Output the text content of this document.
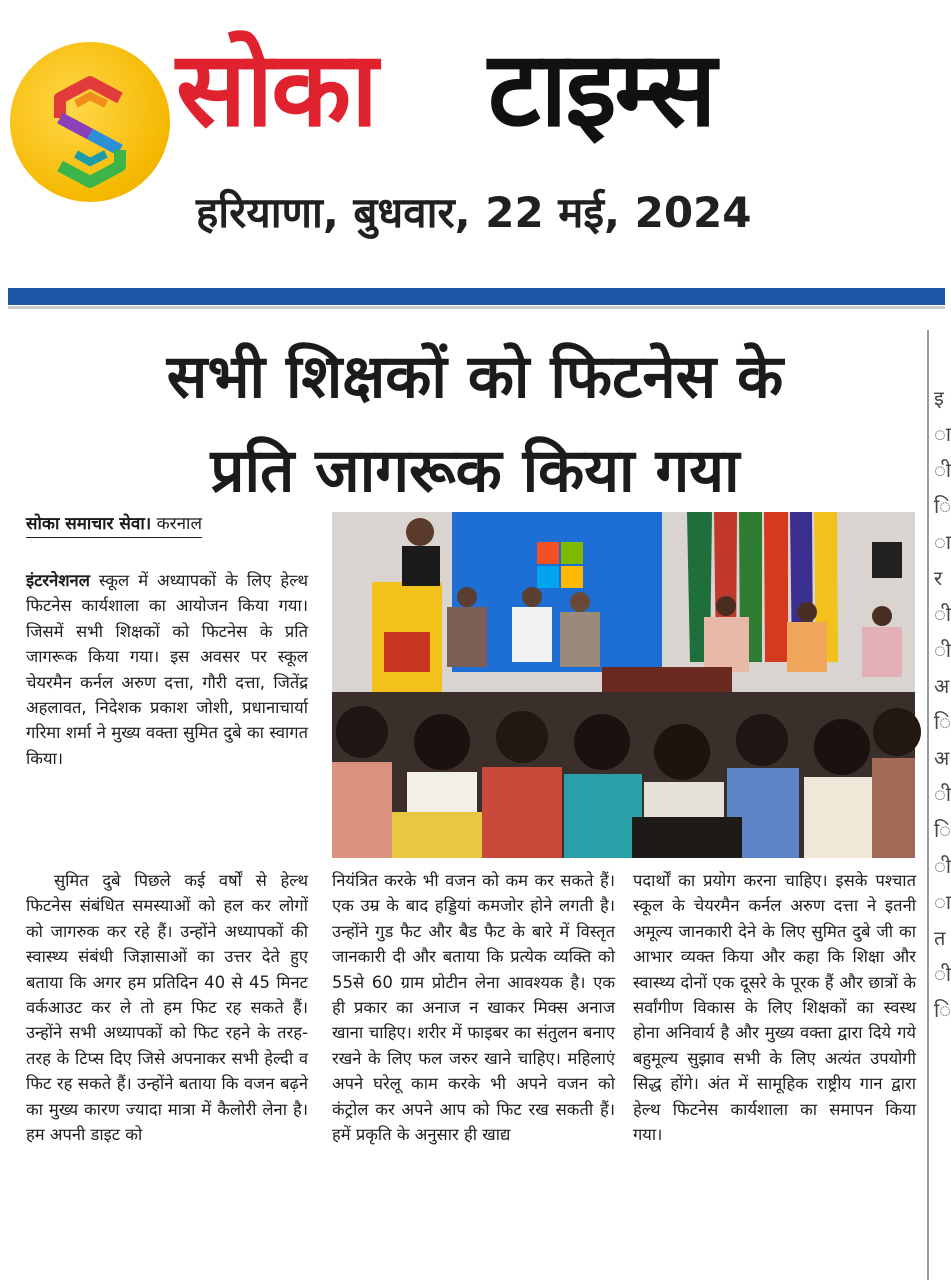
सोका टाइम्स
हरियाणा, बुधवार, 22 मई, 2024
इ ा ी ि ा र ी ी अ ि अ ी ि ी ा त ी ि
सभी शिक्षकों को फिटनेस के
प्रति जागरूक किया गया
सोका समाचार सेवा। करनाल

इंटरनेशनल स्कूल में अध्यापकों के लिए हेल्थ फिटनेस कार्यशाला का आयोजन किया गया। जिसमें सभी शिक्षकों को फिटनेस के प्रति जागरूक किया गया। इस अवसर पर स्कूल चेयरमैन कर्नल अरुण दत्ता, गौरी दत्ता, जितेंद्र अहलावत, निदेशक प्रकाश जोशी, प्रधानाचार्या गरिमा शर्मा ने मुख्य वक्ता सुमित दुबे का स्वागत किया।

सुमित दुबे पिछले कई वर्षों से हेल्थ फिटनेस संबंधित समस्याओं को हल कर लोगों को जागरुक कर रहे हैं। उन्होंने अध्यापकों की स्वास्थ्य संबंधी जिज्ञासाओं का उत्तर देते हुए बताया कि अगर हम प्रतिदिन 40 से 45 मिनट वर्कआउट कर ले तो हम फिट रह सकते हैं। उन्होंने सभी अध्यापकों को फिट रहने के तरह-तरह के टिप्स दिए जिसे अपनाकर सभी हेल्दी व फिट रह सकते हैं। उन्होंने बताया कि वजन बढ़ने का मुख्य कारण ज्यादा मात्रा में कैलोरी लेना है। हम अपनी डाइट को

नियंत्रित करके भी वजन को कम कर सकते हैं। एक उम्र के बाद हड्डियां कमजोर होने लगती है। उन्होंने गुड फैट और बैड फैट के बारे में विस्तृत जानकारी दी और बताया कि प्रत्येक व्यक्ति को 55से 60 ग्राम प्रोटीन लेना आवश्यक है। एक ही प्रकार का अनाज न खाकर मिक्स अनाज खाना चाहिए। शरीर में फाइबर का संतुलन बनाए रखने के लिए फल जरुर खाने चाहिए। महिलाएं अपने घरेलू काम करके भी अपने वजन को कंट्रोल कर अपने आप को फिट रख सकती हैं। हमें प्रकृति के अनुसार ही खाद्य

पदार्थों का प्रयोग करना चाहिए। इसके पश्चात स्कूल के चेयरमैन कर्नल अरुण दत्ता ने इतनी अमूल्य जानकारी देने के लिए सुमित दुबे जी का आभार व्यक्त किया और कहा कि शिक्षा और स्वास्थ्य दोनों एक दूसरे के पूरक हैं और छात्रों के सर्वांगीण विकास के लिए शिक्षकों का स्वस्थ होना अनिवार्य है और मुख्य वक्ता द्वारा दिये गये बहुमूल्य सुझाव सभी के लिए अत्यंत उपयोगी सिद्ध होंगे। अंत में सामूहिक राष्ट्रीय गान द्वारा हेल्थ फिटनेस कार्यशाला का समापन किया गया।
